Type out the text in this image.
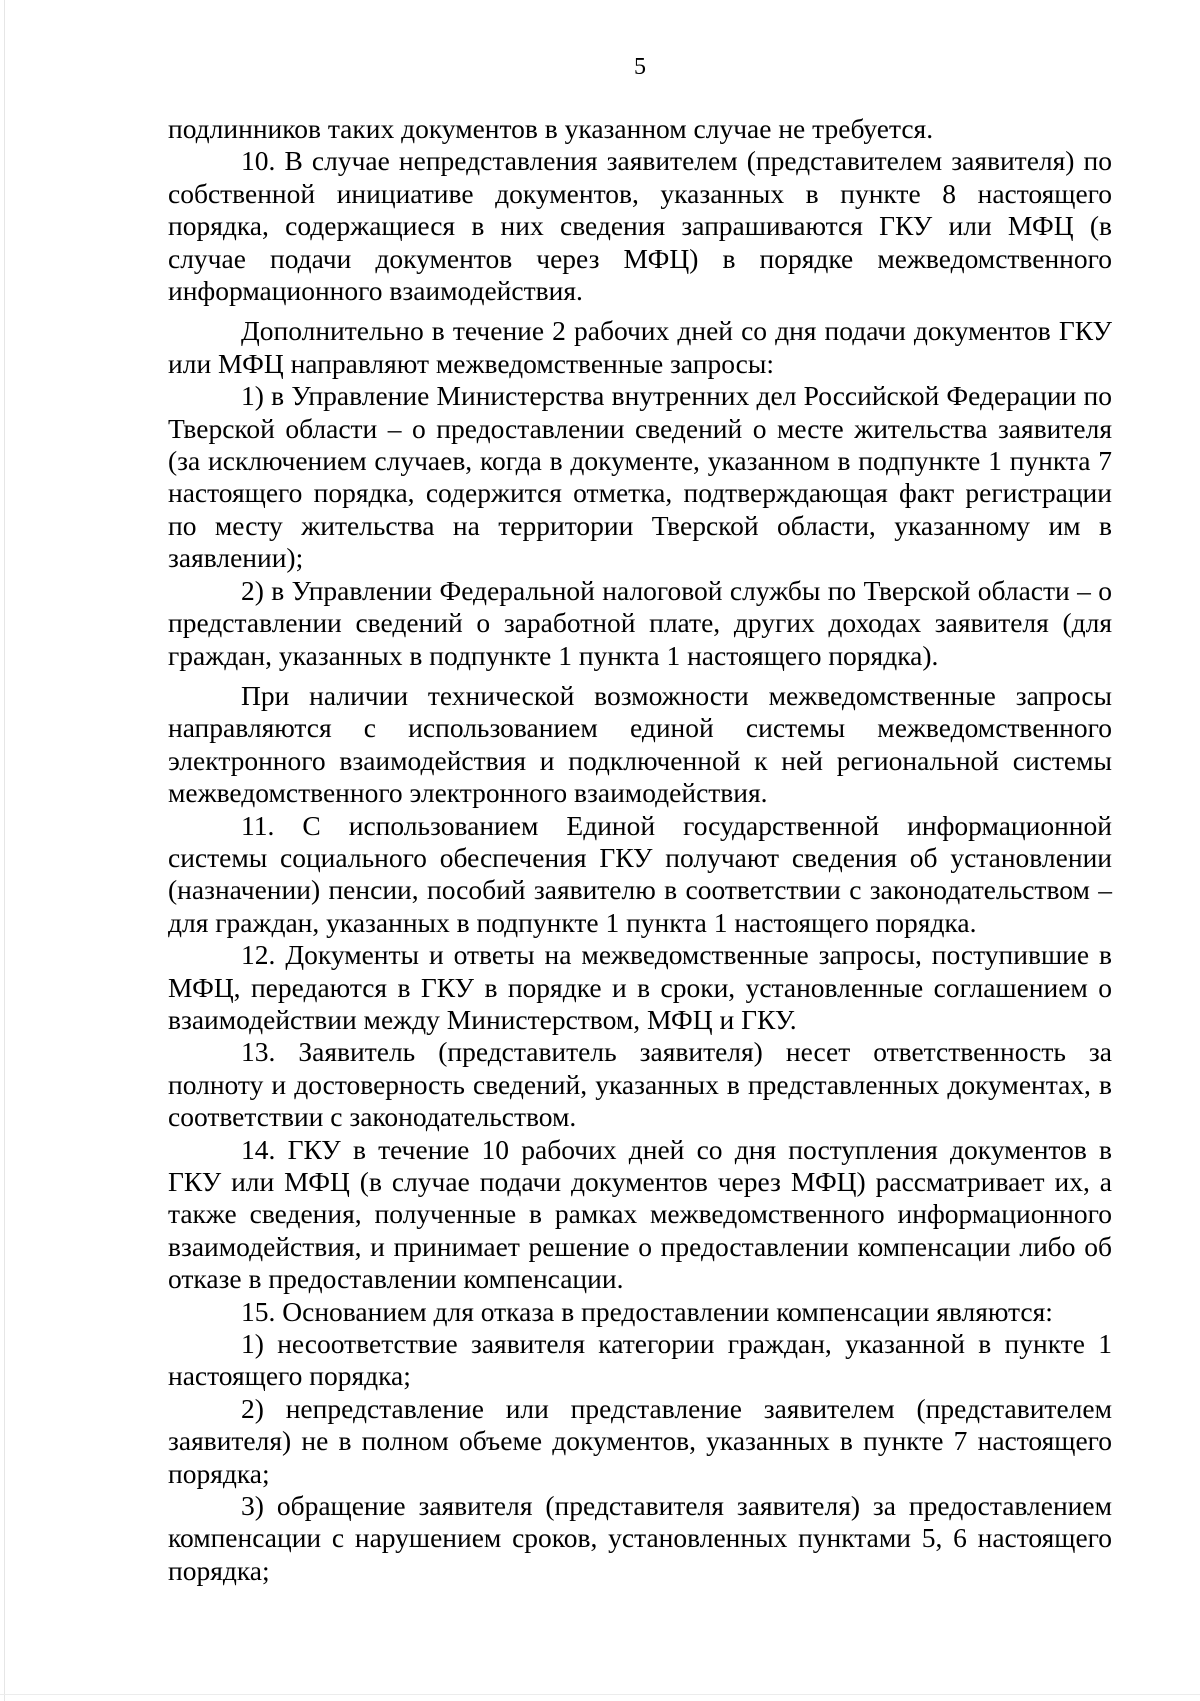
5

подлинников таких документов в указанном случае не требуется.

10. В случае непредставления заявителем (представителем заявителя) по собственной инициативе документов, указанных в пункте 8 настоящего порядка, содержащиеся в них сведения запрашиваются ГКУ или МФЦ (в случае подачи документов через МФЦ) в порядке межведомственного информационного взаимодействия.

Дополнительно в течение 2 рабочих дней со дня подачи документов ГКУ или МФЦ направляют межведомственные запросы:

1) в Управление Министерства внутренних дел Российской Федерации по Тверской области – о предоставлении сведений о месте жительства заявителя (за исключением случаев, когда в документе, указанном в подпункте 1 пункта 7 настоящего порядка, содержится отметка, подтверждающая факт регистрации по месту жительства на территории Тверской области, указанному им в заявлении);

2) в Управлении Федеральной налоговой службы по Тверской области – о представлении сведений о заработной плате, других доходах заявителя (для граждан, указанных в подпункте 1 пункта 1 настоящего порядка).

При наличии технической возможности межведомственные запросы направляются с использованием единой системы межведомственного электронного взаимодействия и подключенной к ней региональной системы межведомственного электронного взаимодействия.

11. С использованием Единой государственной информационной системы социального обеспечения ГКУ получают сведения об установлении (назначении) пенсии, пособий заявителю в соответствии с законодательством – для граждан, указанных в подпункте 1 пункта 1 настоящего порядка.

12. Документы и ответы на межведомственные запросы, поступившие в МФЦ, передаются в ГКУ в порядке и в сроки, установленные соглашением о взаимодействии между Министерством, МФЦ и ГКУ.

13. Заявитель (представитель заявителя) несет ответственность за полноту и достоверность сведений, указанных в представленных документах, в соответствии с законодательством.

14. ГКУ в течение 10 рабочих дней со дня поступления документов в ГКУ или МФЦ (в случае подачи документов через МФЦ) рассматривает их, а также сведения, полученные в рамках межведомственного информационного взаимодействия, и принимает решение о предоставлении компенсации либо об отказе в предоставлении компенсации.

15. Основанием для отказа в предоставлении компенсации являются:

1) несоответствие заявителя категории граждан, указанной в пункте 1 настоящего порядка;

2) непредставление или представление заявителем (представителем заявителя) не в полном объеме документов, указанных в пункте 7 настоящего порядка;

3) обращение заявителя (представителя заявителя) за предоставлением компенсации с нарушением сроков, установленных пунктами 5, 6 настоящего порядка;
